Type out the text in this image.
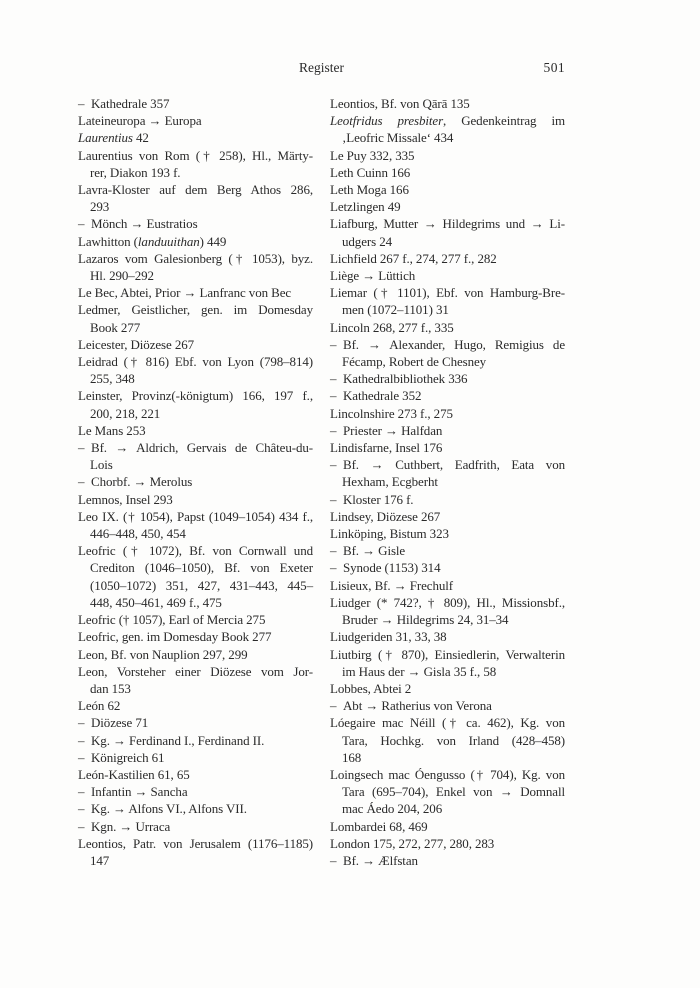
Register	501
– Kathedrale 357
Lateineuropa → Europa
Laurentius 42
Laurentius von Rom († 258), Hl., Märty-
rer, Diakon 193 f.
Lavra-Kloster auf dem Berg Athos 286,
293
– Mönch → Eustratios
Lawhitton (landuuithan) 449
Lazaros vom Galesionberg († 1053), byz.
Hl. 290–292
Le Bec, Abtei, Prior → Lanfranc von Bec
Ledmer, Geistlicher, gen. im Domesday
Book 277
Leicester, Diözese 267
Leidrad († 816) Ebf. von Lyon (798–814)
255, 348
Leinster, Provinz(-königtum) 166, 197 f.,
200, 218, 221
Le Mans 253
– Bf. → Aldrich, Gervais de Châteu-du-
Lois
– Chorbf. → Merolus
Lemnos, Insel 293
Leo IX. († 1054), Papst (1049–1054) 434 f.,
446–448, 450, 454
Leofric († 1072), Bf. von Cornwall und
Crediton (1046–1050), Bf. von Exeter
(1050–1072) 351, 427, 431–443, 445–
448, 450–461, 469 f., 475
Leofric († 1057), Earl of Mercia 275
Leofric, gen. im Domesday Book 277
Leon, Bf. von Nauplion 297, 299
Leon, Vorsteher einer Diözese vom Jor-
dan 153
León 62
– Diözese 71
– Kg. → Ferdinand I., Ferdinand II.
– Königreich 61
León-Kastilien 61, 65
– Infantin → Sancha
– Kg. → Alfons VI., Alfons VII.
– Kgn. → Urraca
Leontios, Patr. von Jerusalem (1176–1185)
147
Leontios, Bf. von Qārā 135
Leotfridus presbiter, Gedenkeintrag im
‚Leofric Missale‘ 434
Le Puy 332, 335
Leth Cuinn 166
Leth Moga 166
Letzlingen 49
Liafburg, Mutter → Hildegrims und → Li-
udgers 24
Lichfield 267 f., 274, 277 f., 282
Liège → Lüttich
Liemar († 1101), Ebf. von Hamburg-Bre-
men (1072–1101) 31
Lincoln 268, 277 f., 335
– Bf. → Alexander, Hugo, Remigius de
Fécamp, Robert de Chesney
– Kathedralbibliothek 336
– Kathedrale 352
Lincolnshire 273 f., 275
– Priester → Halfdan
Lindisfarne, Insel 176
– Bf. → Cuthbert, Eadfrith, Eata von
Hexham, Ecgberht
– Kloster 176 f.
Lindsey, Diözese 267
Linköping, Bistum 323
– Bf. → Gisle
– Synode (1153) 314
Lisieux, Bf. → Frechulf
Liudger (* 742?, † 809), Hl., Missionsbf.,
Bruder → Hildegrims 24, 31–34
Liudgeriden 31, 33, 38
Liutbirg († 870), Einsiedlerin, Verwalterin
im Haus der → Gisla 35 f., 58
Lobbes, Abtei 2
– Abt → Ratherius von Verona
Lóegaire mac Néill († ca. 462), Kg. von
Tara, Hochkg. von Irland (428–458)
168
Loingsech mac Óengusso († 704), Kg. von
Tara (695–704), Enkel von → Domnall
mac Áedo 204, 206
Lombardei 68, 469
London 175, 272, 277, 280, 283
– Bf. → Ælfstan
